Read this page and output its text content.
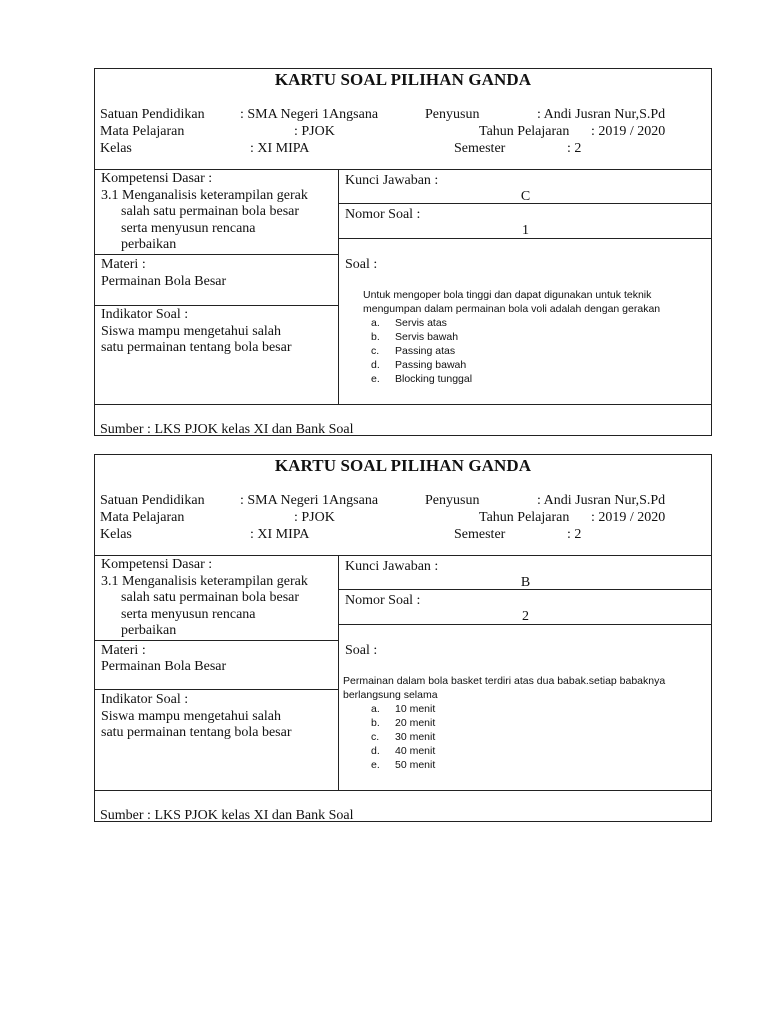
KARTU SOAL PILIHAN GANDA
Satuan Pendidikan	: SMA Negeri 1Angsana	Penyusun	: Andi Jusran Nur,S.Pd
Mata Pelajaran	: PJOK	Tahun Pelajaran : 2019 / 2020
Kelas	: XI MIPA	Semester	: 2
Kompetensi Dasar :
3.1 Menganalisis keterampilan gerak
salah satu permainan bola besar
serta menyusun rencana
perbaikan
Kunci Jawaban :
C
Nomor Soal :
1
Materi :
Permainan Bola Besar
Indikator Soal :
Siswa mampu mengetahui salah
satu permainan tentang bola besar
Soal :
Untuk mengoper bola tinggi dan dapat digunakan untuk teknik mengumpan dalam permainan bola voli adalah dengan gerakan
a. Servis atas
b. Servis bawah
c. Passing atas
d. Passing bawah
e. Blocking tunggal
Sumber : LKS PJOK kelas XI dan Bank Soal
KARTU SOAL PILIHAN GANDA
Satuan Pendidikan	: SMA Negeri 1Angsana	Penyusun	: Andi Jusran Nur,S.Pd
Mata Pelajaran	: PJOK	Tahun Pelajaran : 2019 / 2020
Kelas	: XI MIPA	Semester	: 2
Kompetensi Dasar :
3.1 Menganalisis keterampilan gerak
salah satu permainan bola besar
serta menyusun rencana
perbaikan
Kunci Jawaban :
B
Nomor Soal :
2
Materi :
Permainan Bola Besar
Indikator Soal :
Siswa mampu mengetahui salah
satu permainan tentang bola besar
Soal :
Permainan dalam bola basket terdiri atas dua babak.setiap babaknya berlangsung selama
a. 10 menit
b. 20 menit
c. 30 menit
d. 40 menit
e. 50 menit
Sumber : LKS PJOK kelas XI dan Bank Soal
